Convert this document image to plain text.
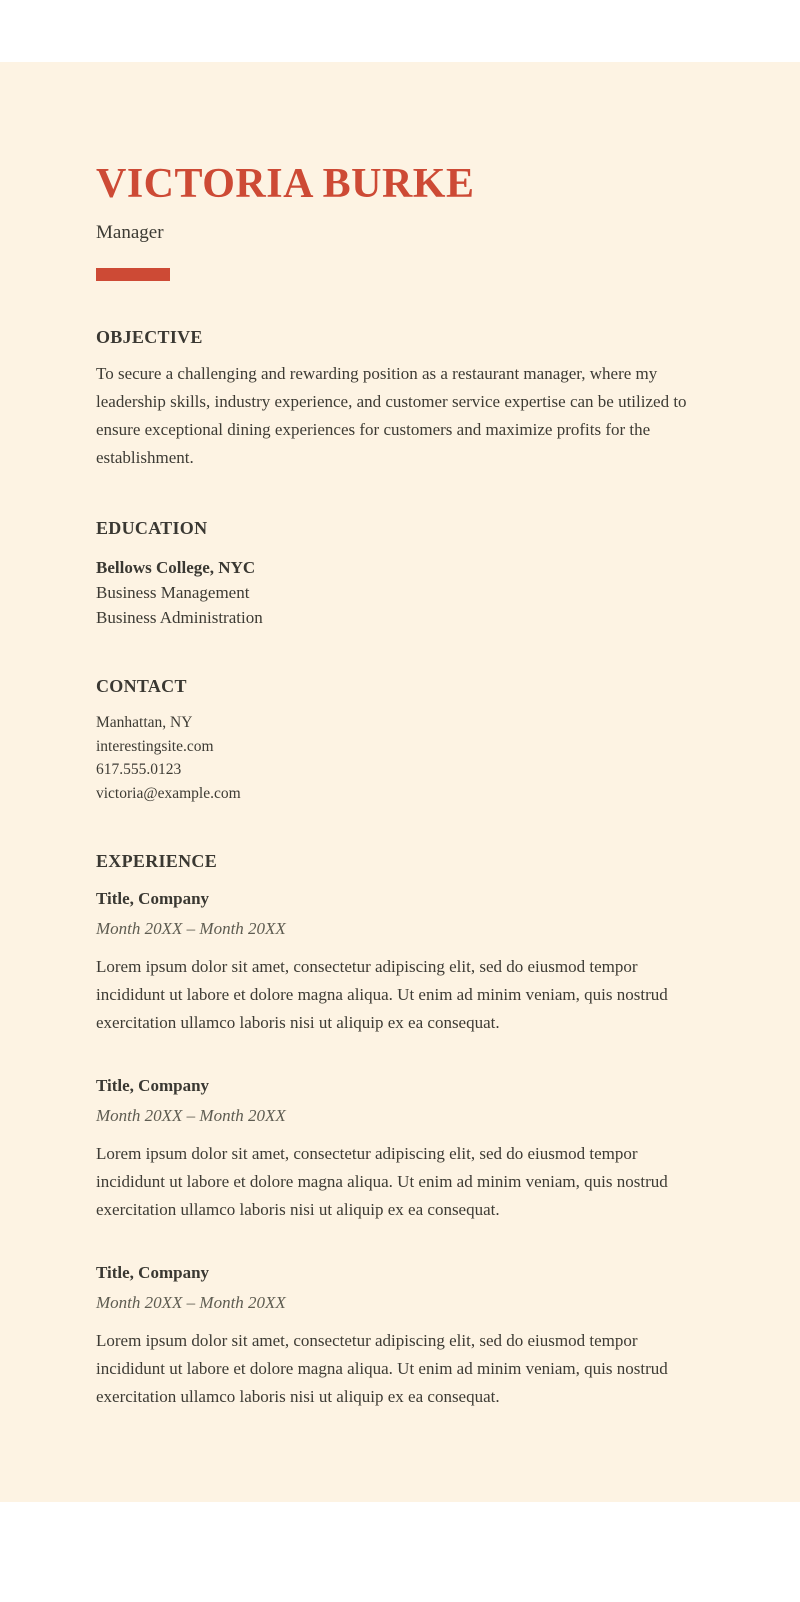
VICTORIA BURKE

Manager

OBJECTIVE

To secure a challenging and rewarding position as a restaurant manager, where my leadership skills, industry experience, and customer service expertise can be utilized to ensure exceptional dining experiences for customers and maximize profits for the establishment.

EDUCATION

Bellows College, NYC

Business Management

Business Administration

CONTACT
Manhattan, NY
interestingsite.com
617.555.0123
victoria@example.com
EXPERIENCE

Title, Company

Month 20XX – Month 20XX

Lorem ipsum dolor sit amet, consectetur adipiscing elit, sed do eiusmod tempor incididunt ut labore et dolore magna aliqua. Ut enim ad minim veniam, quis nostrud exercitation ullamco laboris nisi ut aliquip ex ea consequat.

Title, Company

Month 20XX – Month 20XX

Lorem ipsum dolor sit amet, consectetur adipiscing elit, sed do eiusmod tempor incididunt ut labore et dolore magna aliqua. Ut enim ad minim veniam, quis nostrud exercitation ullamco laboris nisi ut aliquip ex ea consequat.

Title, Company

Month 20XX – Month 20XX

Lorem ipsum dolor sit amet, consectetur adipiscing elit, sed do eiusmod tempor incididunt ut labore et dolore magna aliqua. Ut enim ad minim veniam, quis nostrud exercitation ullamco laboris nisi ut aliquip ex ea consequat.
